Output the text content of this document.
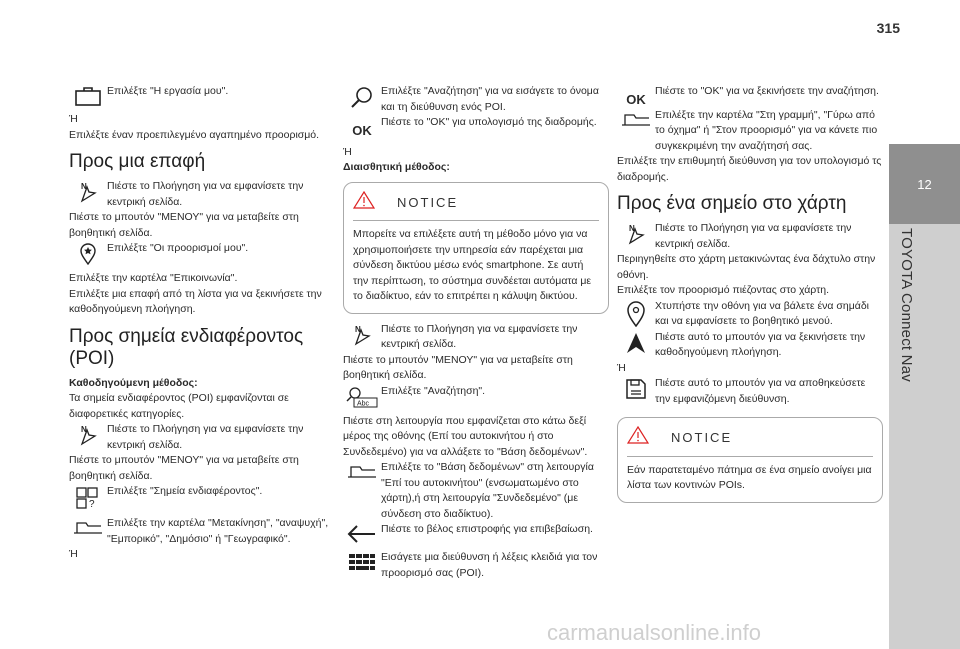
315
12
TOYOTA Connect Nav
Επιλέξτε "Η εργασία μου".
Ή
Επιλέξτε έναν προεπιλεγμένο αγαπημένο προορισμό.
Προς μια επαφή
N Πιέστε το Πλοήγηση για να εμφανίσετε την κεντρική σελίδα.
Πιέστε το μπουτόν "ΜΕΝΟΥ" για να μεταβείτε στη βοηθητική σελίδα.
Επιλέξτε "Οι προορισμοί μου".
Επιλέξτε την καρτέλα "Επικοινωνία".
Επιλέξτε μια επαφή από τη λίστα για να ξεκινήσετε την καθοδηγούμενη πλοήγηση.
Προς σημεία ενδιαφέροντος (POI)
Καθοδηγούμενη μέθοδος:
Τα σημεία ενδιαφέροντος (POI) εμφανίζονται σε διαφορετικές κατηγορίες.
N Πιέστε το Πλοήγηση για να εμφανίσετε την κεντρική σελίδα.
Πιέστε το μπουτόν "ΜΕΝΟΥ" για να μεταβείτε στη βοηθητική σελίδα.
?
Επιλέξτε "Σημεία ενδιαφέροντος".
Επιλέξτε την καρτέλα "Μετακίνηση", "αναψυχή", "Εμπορικό", "Δημόσιο" ή "Γεωγραφικό".
Ή
Επιλέξτε "Αναζήτηση" για να εισάγετε το όνομα και τη διεύθυνση ενός POI.
OK
Πιέστε το "OK" για υπολογισμό της διαδρομής.
Ή
Διαισθητική μέθοδος:
NOTICE
Μπορείτε να επιλέξετε αυτή τη μέθοδο μόνο για να χρησιμοποιήσετε την υπηρεσία εάν παρέχεται μια σύνδεση δικτύου μέσω ενός smartphone. Σε αυτή την περίπτωση, το σύστημα συνδέεται αυτόματα με το διαδίκτυο, εάν το επιτρέπει η κάλυψη δικτύου.
N Πιέστε το Πλοήγηση για να εμφανίσετε την κεντρική σελίδα.
Πιέστε το μπουτόν "ΜΕΝΟΥ" για να μεταβείτε στη βοηθητική σελίδα.
Abc
Επιλέξτε "Αναζήτηση".
Πιέστε στη λειτουργία που εμφανίζεται στο κάτω δεξί μέρος της οθόνης (Επί του αυτοκινήτου ή στο Συνδεδεμένο) για να αλλάξετε το "Βάση δεδομένων".
Επιλέξτε το "Βάση δεδομένων" στη λειτουργία "Επί του αυτοκινήτου" (ενσωματωμένο στο χάρτη),ή στη λειτουργία "Συνδεδεμένο" (με σύνδεση στο διαδίκτυο).
Πιέστε το βέλος επιστροφής για επιβεβαίωση.
Εισάγετε μια διεύθυνση ή λέξεις κλειδιά για τον προορισμό σας (POI).
OK
Πιέστε το "OK" για να ξεκινήσετε την αναζήτηση.
Επιλέξτε την καρτέλα "Στη γραμμή", "Γύρω από το όχημα" ή "Στον προορισμό" για να κάνετε πιο συγκεκριμένη την αναζήτησή σας.
Επιλέξτε την επιθυμητή διεύθυνση για τον υπολογισμό τς διαδρομής.
Προς ένα σημείο στο χάρτη
N Πιέστε το Πλοήγηση για να εμφανίσετε την κεντρική σελίδα.
Περιηγηθείτε στο χάρτη μετακινώντας ένα δάχτυλο στην οθόνη.
Επιλέξτε τον προορισμό πιέζοντας στο χάρτη.
Χτυπήστε την οθόνη για να βάλετε ένα σημάδι και να εμφανίσετε το βοηθητικό μενού.
Πιέστε αυτό το μπουτόν για να ξεκινήσετε την καθοδηγούμενη πλοήγηση.
Ή
Πιέστε αυτό το μπουτόν για να αποθηκεύσετε την εμφανιζόμενη διεύθυνση.
NOTICE
Εάν παρατεταμένο πάτημα σε ένα σημείο ανοίγει μια λίστα των κοντινών POIs.
carmanualsonline.info
